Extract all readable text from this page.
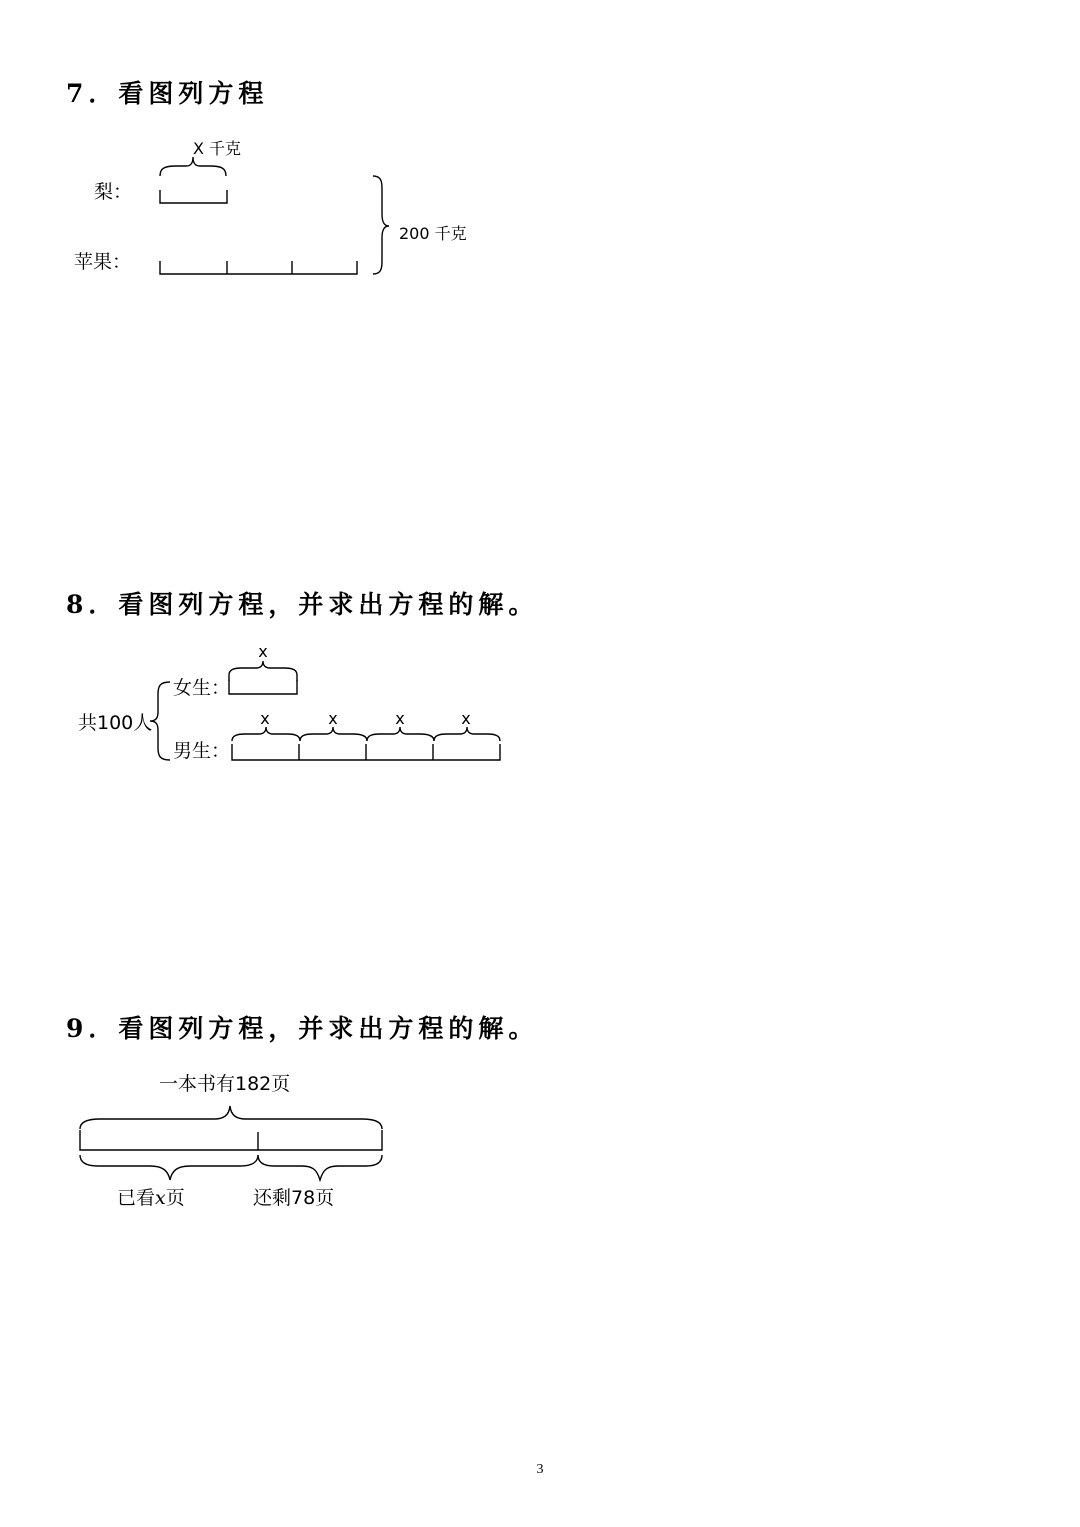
7．看图列方程
X 千克
梨：
苹果：
200 千克
8．看图列方程，并求出方程的解。
共100人
女生：
男生：
x
x	x	x	x
9．看图列方程，并求出方程的解。
一本书有182页
已看x页	还剩78页
3
